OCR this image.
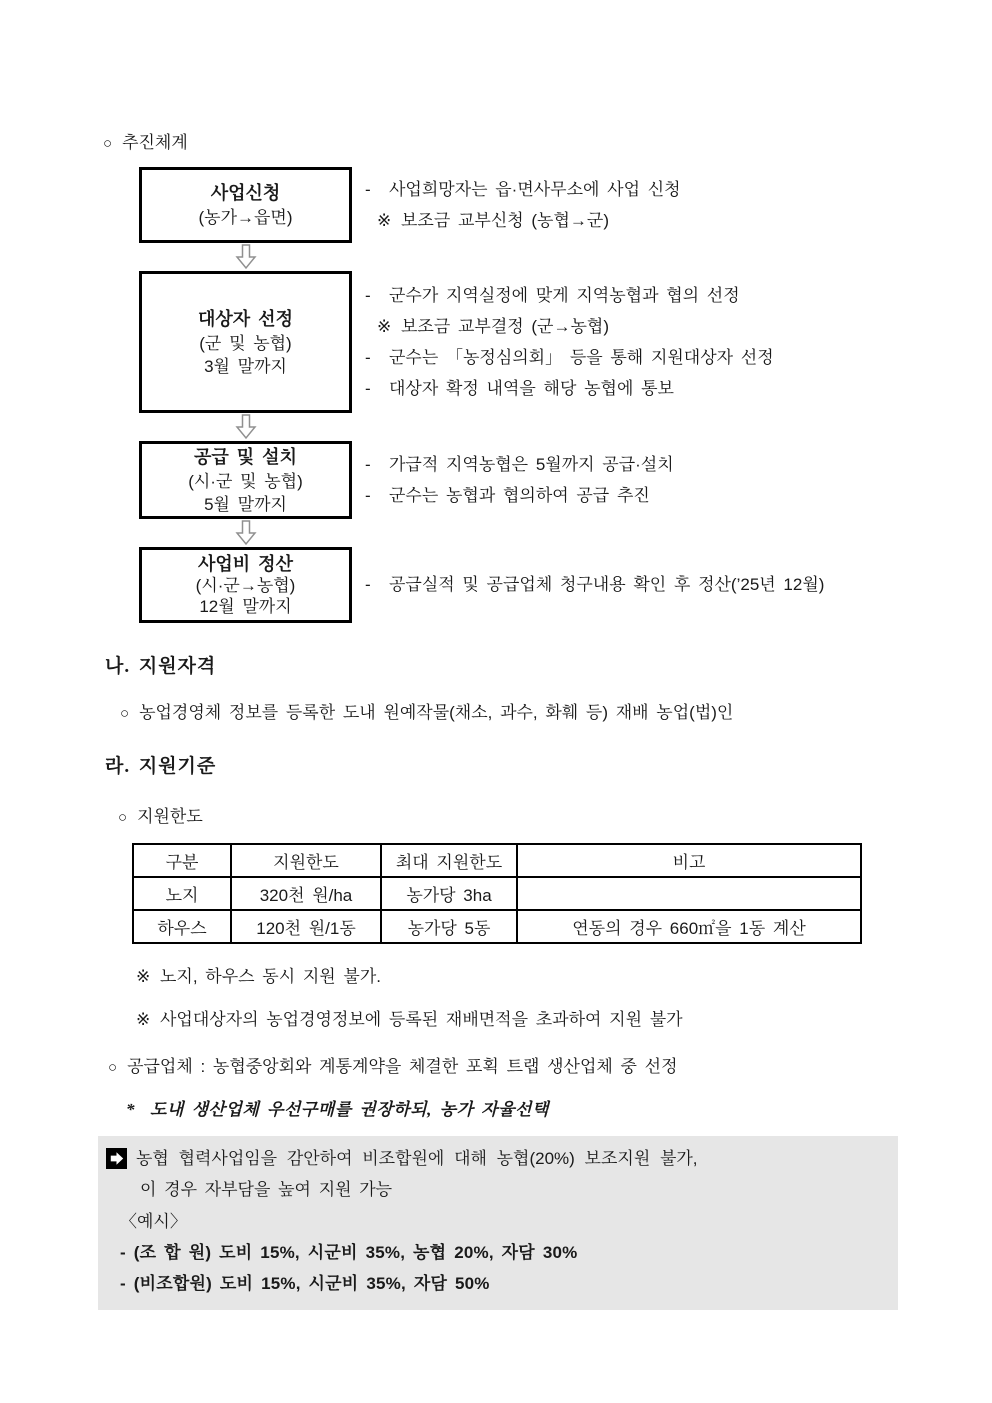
○ 추진체계
사업신청
(농가→읍면)
-	사업희망자는 읍·면사무소에 사업 신청
※ 보조금 교부신청 (농협→군)
대상자 선정
(군 및 농협)
3월 말까지
-	군수가 지역실정에 맞게 지역농협과 협의 선정
※ 보조금 교부결정 (군→농협)
-	군수는 「농정심의회」 등을 통해 지원대상자 선정
-	대상자 확정 내역을 해당 농협에 통보
공급 및 설치
(시·군 및 농협)
5월 말까지
-	가급적 지역농협은 5월까지 공급·설치
-	군수는 농협과 협의하여 공급 추진
사업비 정산
(시·군→농협)
12월 말까지
-	공급실적 및 공급업체 청구내용 확인 후 정산(’25년 12월)
나. 지원자격
○ 농업경영체 정보를 등록한 도내 원예작물(채소, 과수, 화훼 등) 재배 농업(법)인
라. 지원기준
○ 지원한도
구분	지원한도	최대 지원한도	비고
노지	320천 원/ha	농가당 3ha	
하우스	120천 원/1동	농가당 5동	연동의 경우 660㎡을 1동 계산
※ 노지, 하우스 동시 지원 불가.
※ 사업대상자의 농업경영정보에 등록된 재배면적을 초과하여 지원 불가
○ 공급업체 : 농협중앙회와 계통계약을 체결한 포획 트랩 생산업체 중 선정
* 도내 생산업체 우선구매를 권장하되, 농가 자율선택
농협 협력사업임을 감안하여 비조합원에 대해 농협(20%) 보조지원 불가,
이 경우 자부담을 높여 지원 가능
〈예시〉
- (조 합 원) 도비 15%, 시군비 35%, 농협 20%, 자담 30%
- (비조합원) 도비 15%, 시군비 35%, 자담 50%
